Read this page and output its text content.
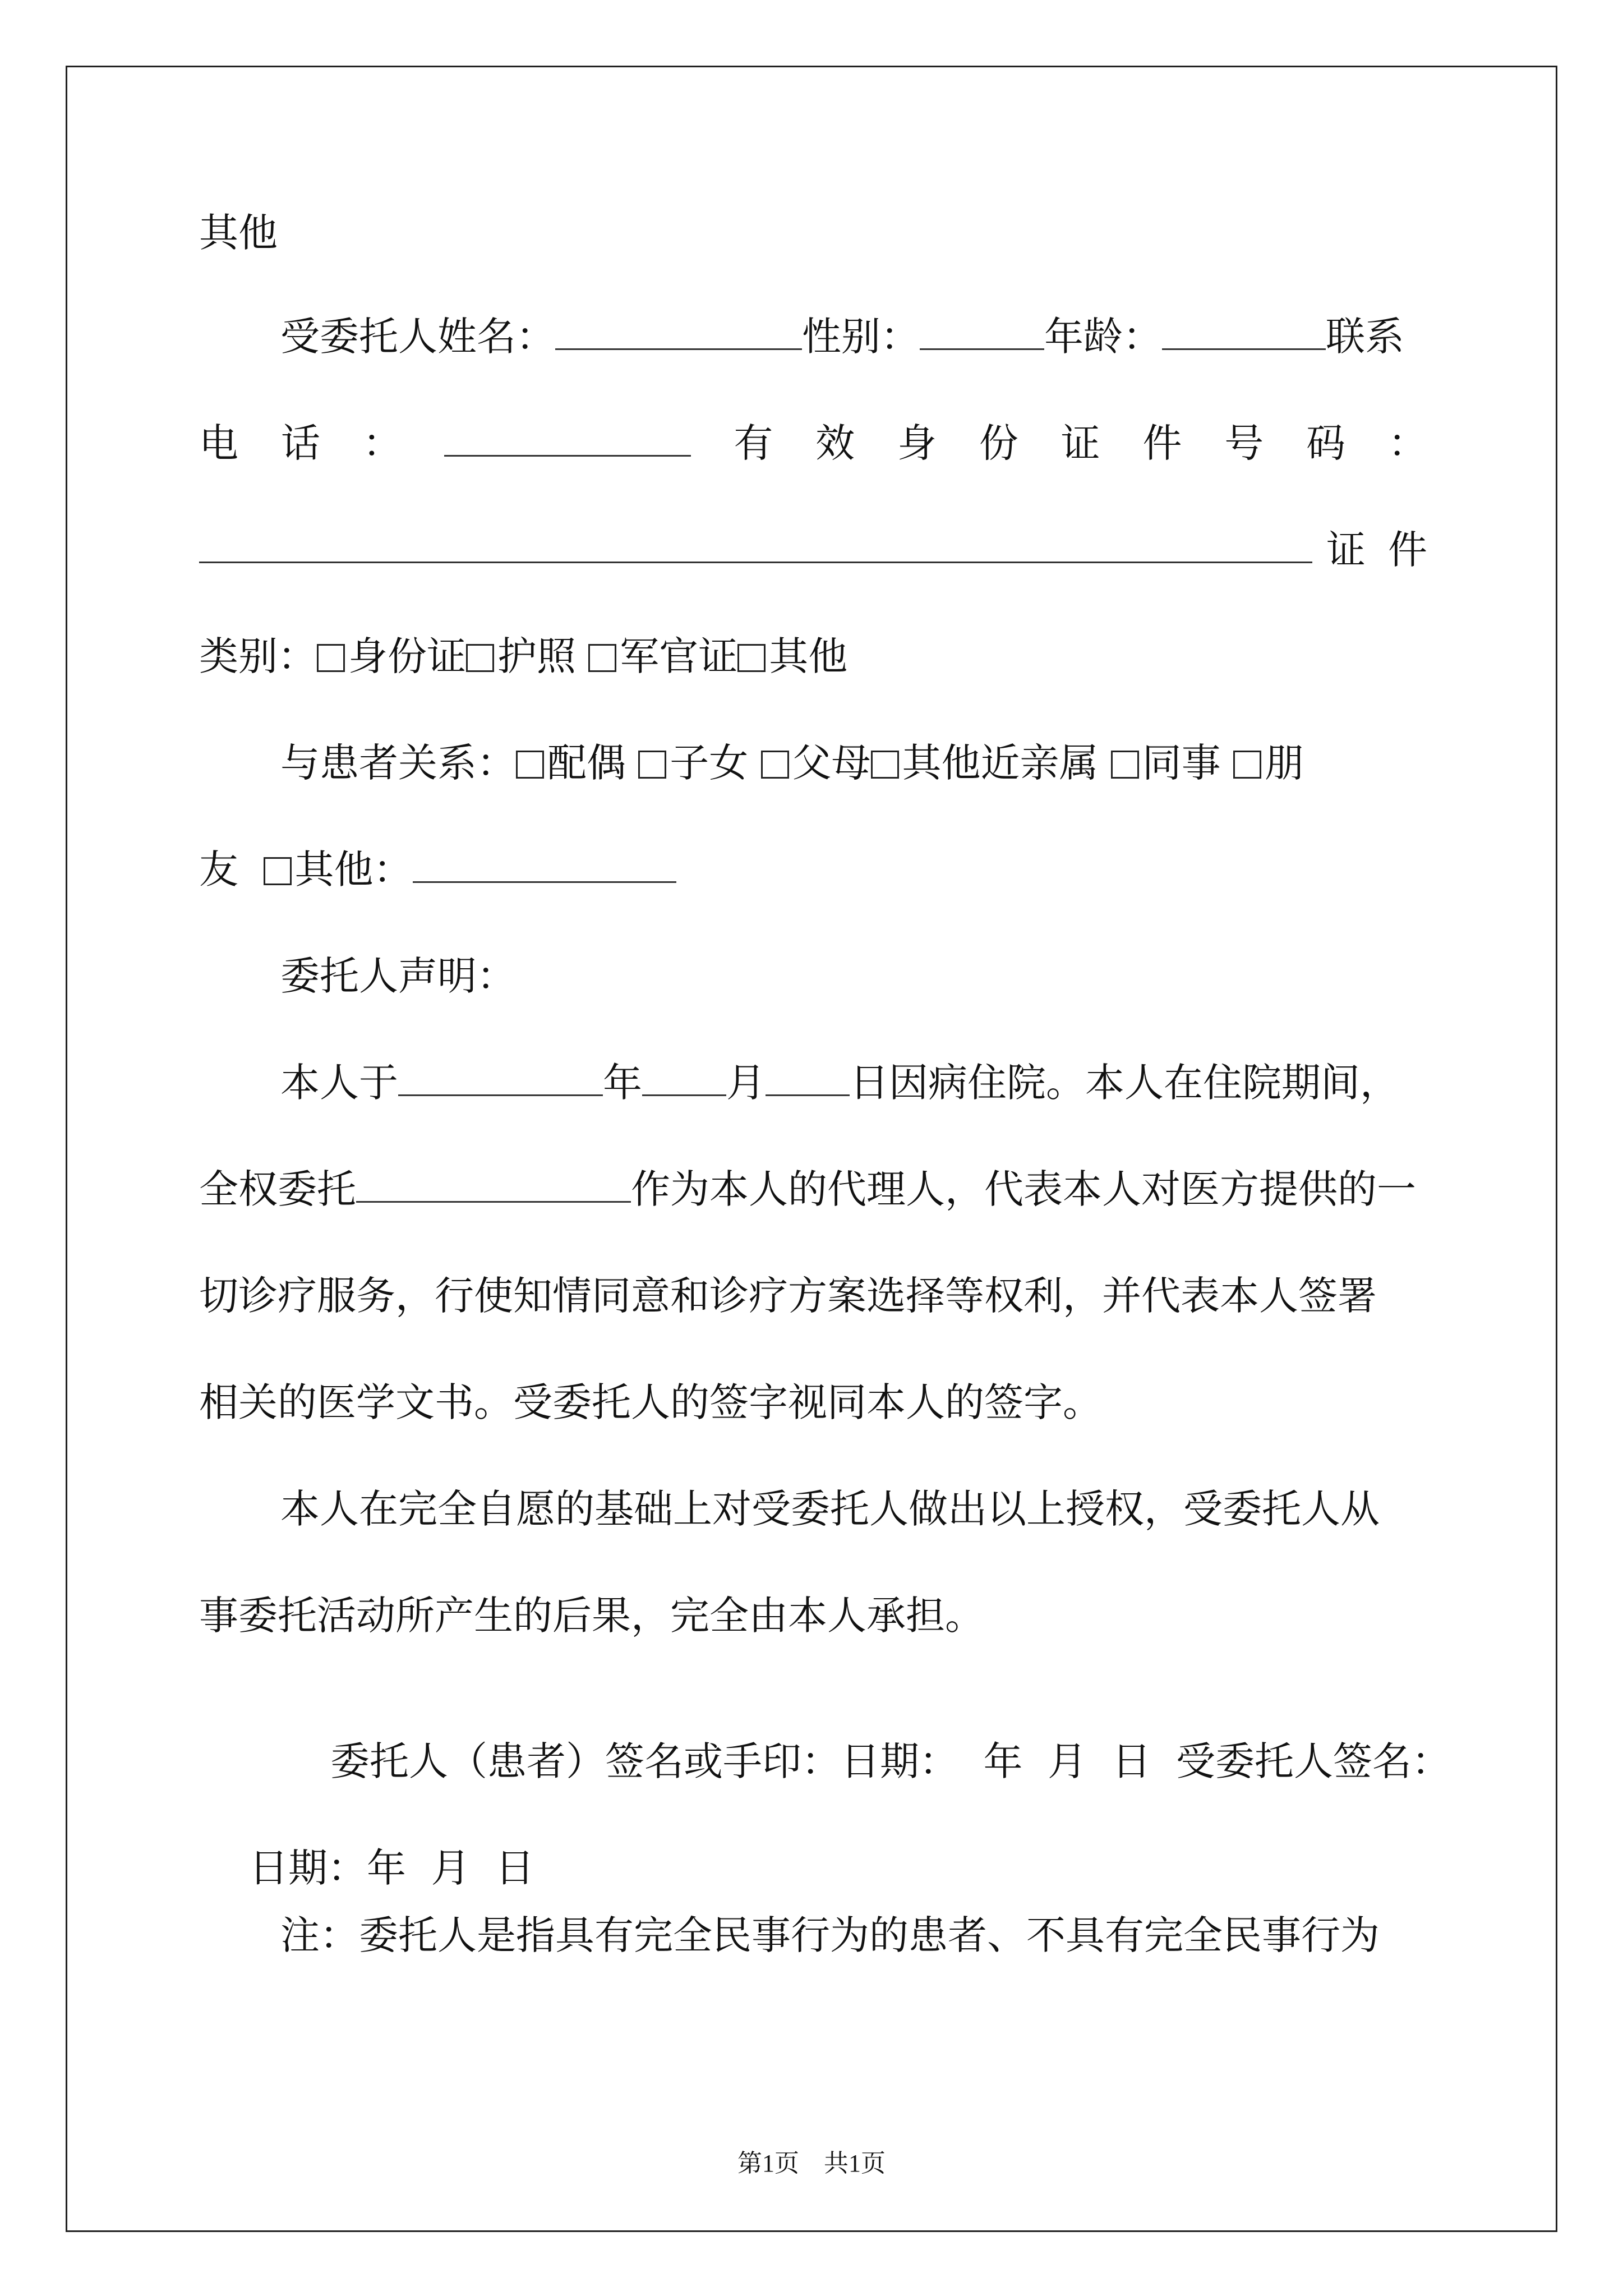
其他
受委托人姓名：	性别：	年龄：	联系
电 话 ：	有 效 身 份 证 件 号 码 ：
证 件
类别： 身份证 护照 军官证 其他
与患者关系： 配偶 子女 父母 其他近亲属 同事 朋
友 其他：
委托人声明：
本人于	年 月 日因病住院。本人在住院期间，
全权委托	作为本人的代理人，代表本人对医方提供的一
切诊疗服务，行使知情同意和诊疗方案选择等权利，并代表本人签署
相关的医学文书。受委托人的签字视同本人的签字。
本人在完全自愿的基础上对受委托人做出以上授权，受委托人从
事委托活动所产生的后果，完全由本人承担。

委托人（患者）签名或手印：日期：  年  月  日  受委托人签名：

日期：年  月  日

注：委托人是指具有完全民事行为的患者、不具有完全民事行为
第1页　共1页
